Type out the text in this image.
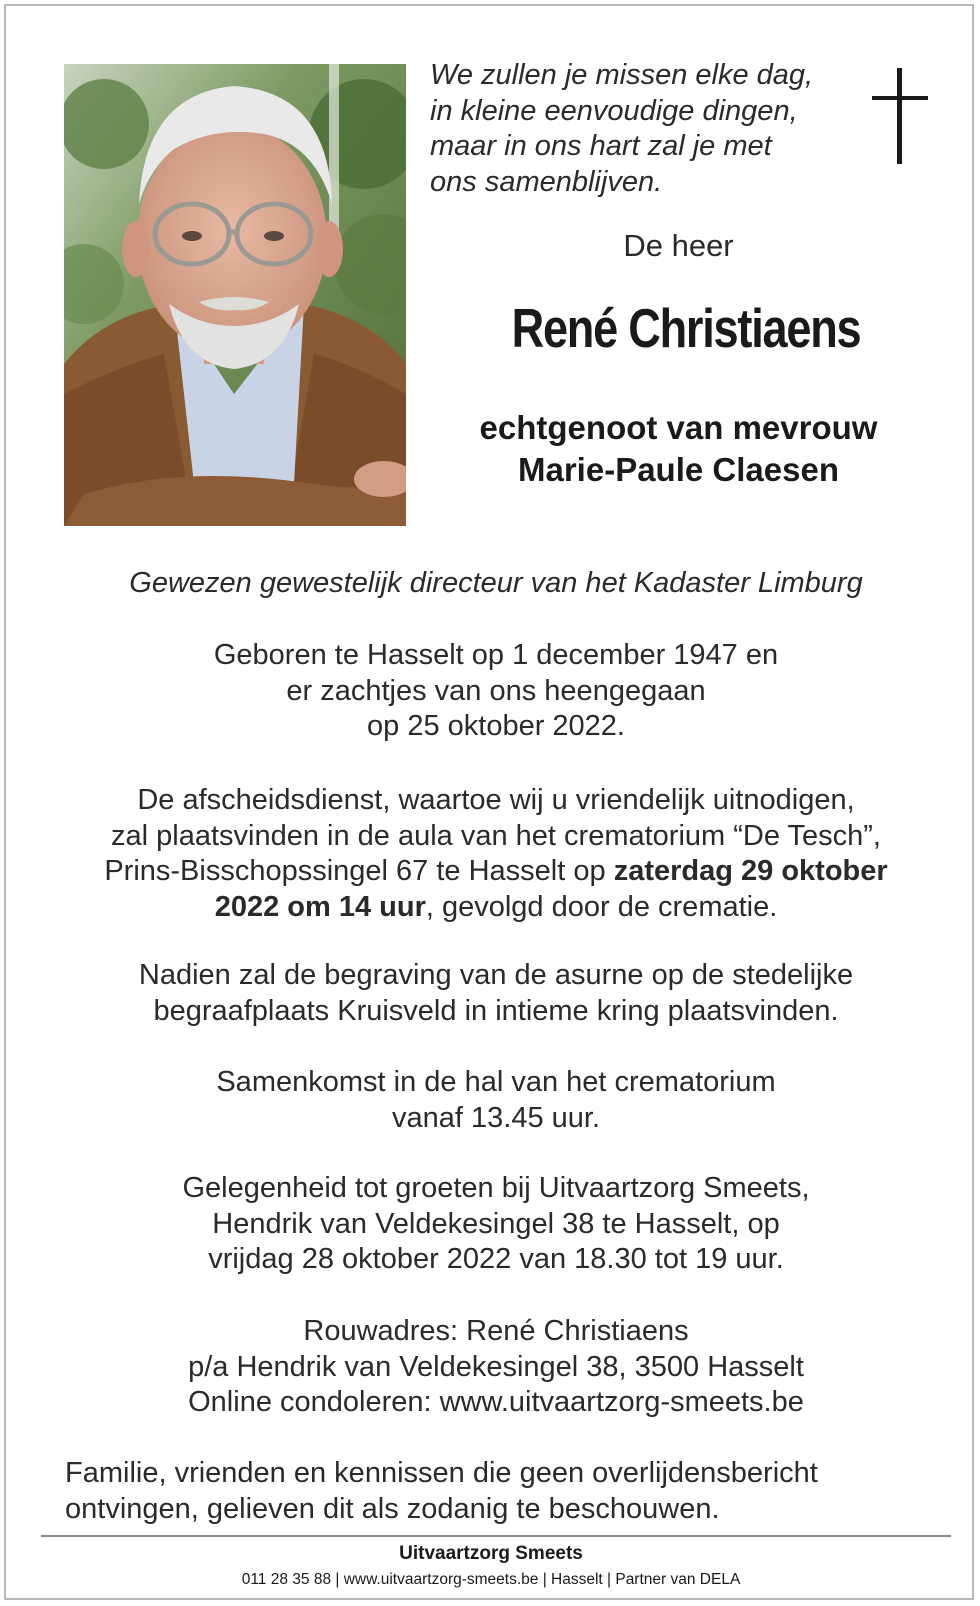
We zullen je missen elke dag,
in kleine eenvoudige dingen,
maar in ons hart zal je met
ons samenblijven.
De heer
René Christiaens
echtgenoot van mevrouw
Marie-Paule Claesen
Gewezen gewestelijk directeur van het Kadaster Limburg
Geboren te Hasselt op 1 december 1947 en
er zachtjes van ons heengegaan
op 25 oktober 2022.
De afscheidsdienst, waartoe wij u vriendelijk uitnodigen,
zal plaatsvinden in de aula van het crematorium “De Tesch”,
Prins-Bisschopssingel 67 te Hasselt op zaterdag 29 oktober
2022 om 14 uur, gevolgd door de crematie.
Nadien zal de begraving van de asurne op de stedelijke
begraafplaats Kruisveld in intieme kring plaatsvinden.
Samenkomst in de hal van het crematorium
vanaf 13.45 uur.
Gelegenheid tot groeten bij Uitvaartzorg Smeets,
Hendrik van Veldekesingel 38 te Hasselt, op
vrijdag 28 oktober 2022 van 18.30 tot 19 uur.
Rouwadres: René Christiaens
p/a Hendrik van Veldekesingel 38, 3500 Hasselt
Online condoleren: www.uitvaartzorg-smeets.be
Familie, vrienden en kennissen die geen overlijdensbericht
ontvingen, gelieven dit als zodanig te beschouwen.
Uitvaartzorg Smeets
011 28 35 88 | www.uitvaartzorg-smeets.be | Hasselt | Partner van DELA
